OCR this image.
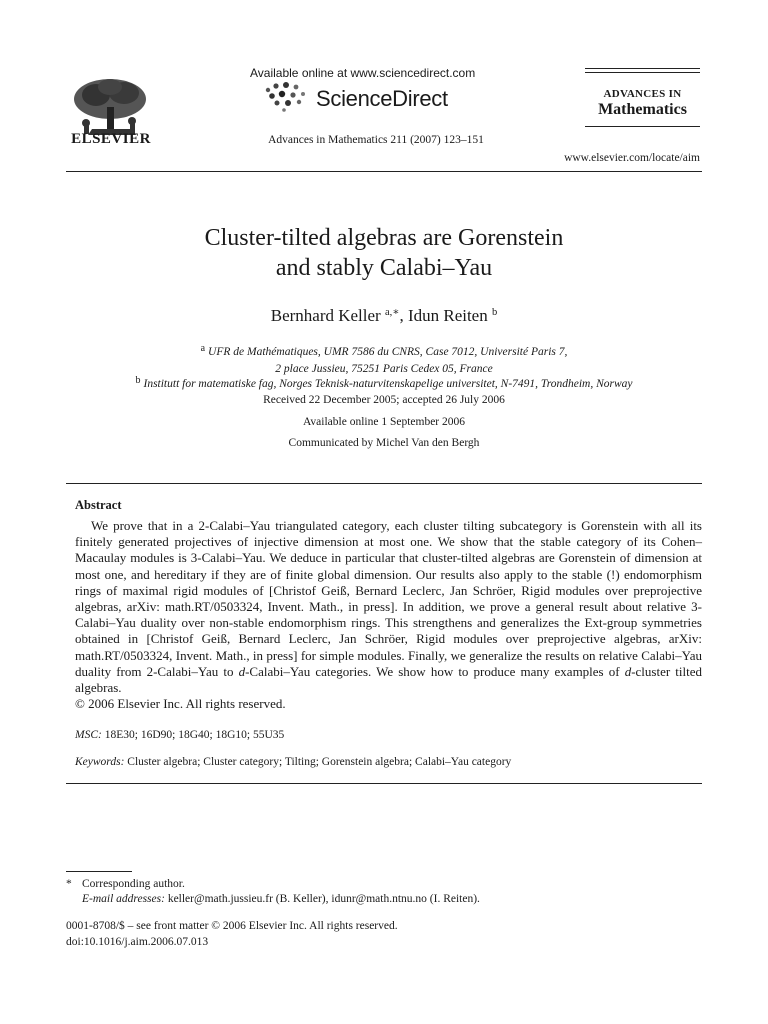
ELSEVIER
Available online at www.sciencedirect.com
ScienceDirect
Advances in Mathematics 211 (2007) 123–151
ADVANCES IN
Mathematics
www.elsevier.com/locate/aim
Cluster-tilted algebras are Gorenstein
and stably Calabi–Yau
Bernhard Keller $^{a,∗}$, Idun Reiten $^b$
a UFR de Mathématiques, UMR 7586 du CNRS, Case 7012, Université Paris 7,
2 place Jussieu, 75251 Paris Cedex 05, France
b Institutt for matematiske fag, Norges Teknisk-naturvitenskapelige universitet, N-7491, Trondheim, Norway
Received 22 December 2005; accepted 26 July 2006
Available online 1 September 2006
Communicated by Michel Van den Bergh
Abstract
We prove that in a 2-Calabi–Yau triangulated category, each cluster tilting subcategory is Gorenstein with all its finitely generated projectives of injective dimension at most one. We show that the stable category of its Cohen–Macaulay modules is 3-Calabi–Yau. We deduce in particular that cluster-tilted algebras are Gorenstein of dimension at most one, and hereditary if they are of finite global dimension. Our results also apply to the stable (!) endomorphism rings of maximal rigid modules of [Christof Geiß, Bernard Leclerc, Jan Schröer, Rigid modules over preprojective algebras, arXiv: math.RT/0503324, Invent. Math., in press]. In addition, we prove a general result about relative 3-Calabi–Yau duality over non-stable endomorphism rings. This strengthens and generalizes the Ext-group symmetries obtained in [Christof Geiß, Bernard Leclerc, Jan Schröer, Rigid modules over preprojective algebras, arXiv: math.RT/0503324, Invent. Math., in press] for simple modules. Finally, we generalize the results on relative Calabi–Yau duality from 2-Calabi–Yau to d-Calabi–Yau categories. We show how to produce many examples of d-cluster tilted algebras.
© 2006 Elsevier Inc. All rights reserved.
MSC: 18E30; 16D90; 18G40; 18G10; 55U35
Keywords: Cluster algebra; Cluster category; Tilting; Gorenstein algebra; Calabi–Yau category
* Corresponding author.
E-mail addresses: keller@math.jussieu.fr (B. Keller), idunr@math.ntnu.no (I. Reiten).
0001-8708/$ – see front matter © 2006 Elsevier Inc. All rights reserved.
doi:10.1016/j.aim.2006.07.013
